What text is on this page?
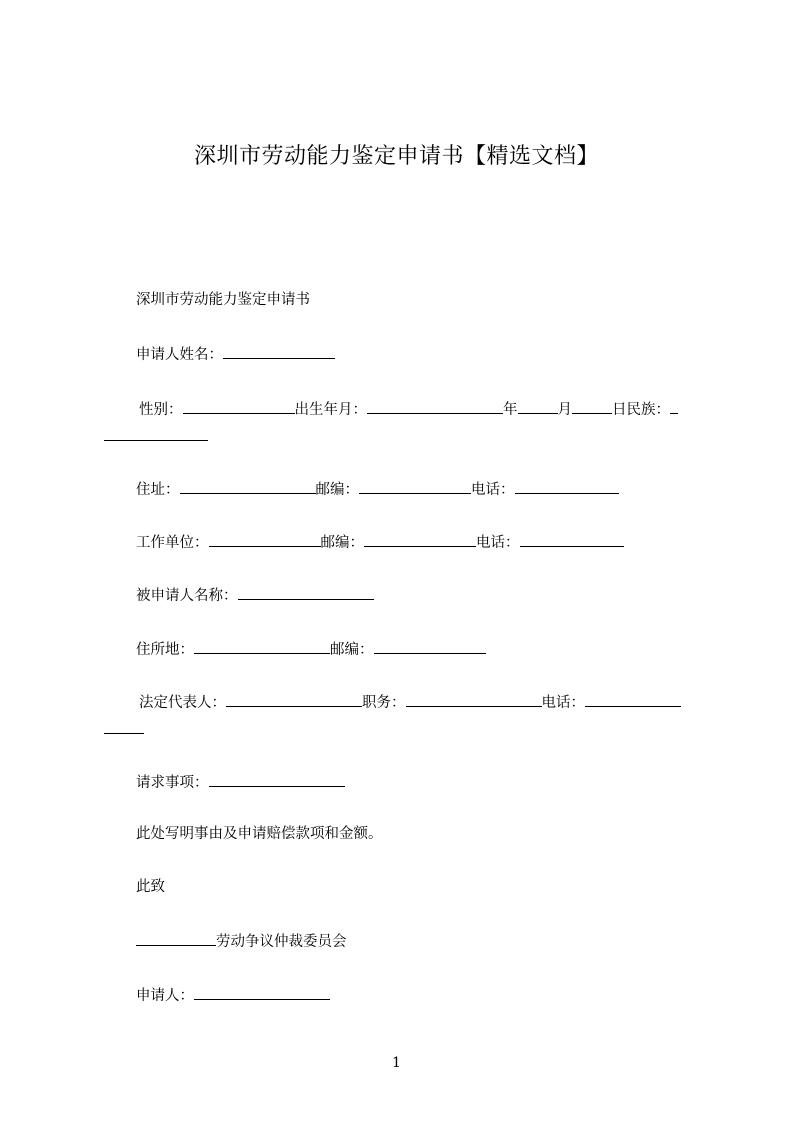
深圳市劳动能力鉴定申请书【精选文档】
深圳市劳动能力鉴定申请书
申请人姓名：
性别：	出生年月：	年	月	日民族：
住址：	邮编：	电话：
工作单位：	邮编：	电话：
被申请人名称：
住所地：	邮编：
法定代表人：	职务：	电话：
请求事项：
此处写明事由及申请赔偿款项和金额。
此致
劳动争议仲裁委员会
申请人：
1
